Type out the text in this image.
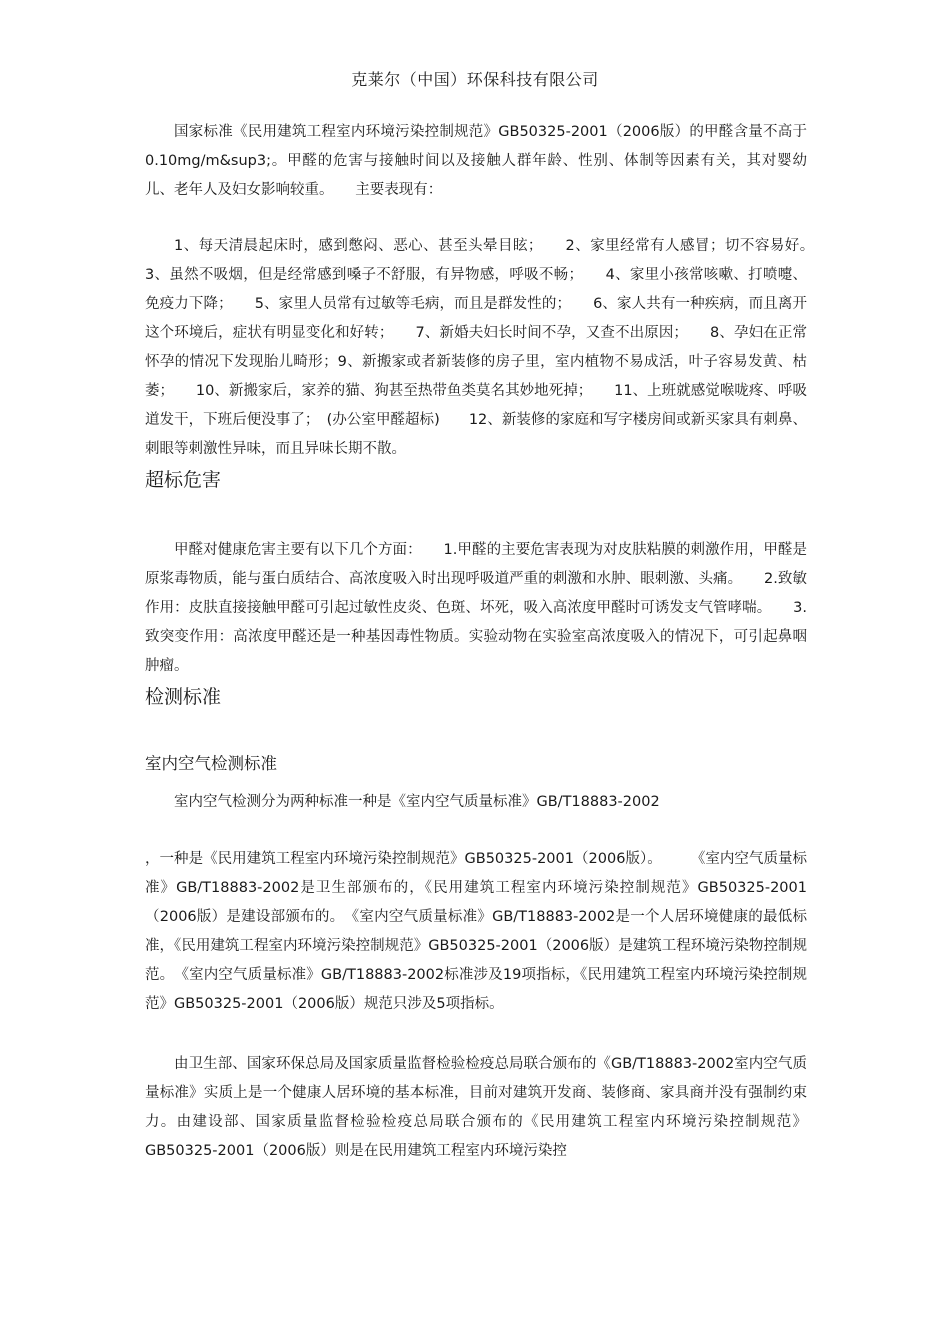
克莱尔（中国）环保科技有限公司

国家标准《民用建筑工程室内环境污染控制规范》GB50325-2001（2006版）的甲醛含量不高于0.10mg/m&sup3;。甲醛的危害与接触时间以及接触人群年龄、性别、体制等因素有关，其对婴幼儿、老年人及妇女影响较重。　　主要表现有：

1、每天清晨起床时，感到憋闷、恶心、甚至头晕目眩；　　2、家里经常有人感冒；切不容易好。　　3、虽然不吸烟，但是经常感到嗓子不舒服，有异物感，呼吸不畅；　　4、家里小孩常咳嗽、打喷嚏、免疫力下降；　　5、家里人员常有过敏等毛病，而且是群发性的；　　6、家人共有一种疾病，而且离开这个环境后，症状有明显变化和好转；　　7、新婚夫妇长时间不孕，又查不出原因；　　8、孕妇在正常怀孕的情况下发现胎儿畸形；9、新搬家或者新装修的房子里，室内植物不易成活，叶子容易发黄、枯萎；　　10、新搬家后，家养的猫、狗甚至热带鱼类莫名其妙地死掉；　　11、上班就感觉喉咙疼、呼吸道发干，下班后便没事了；　(办公室甲醛超标)　　12、新装修的家庭和写字楼房间或新买家具有刺鼻、刺眼等刺激性异味，而且异味长期不散。

超标危害

甲醛对健康危害主要有以下几个方面：　　1.甲醛的主要危害表现为对皮肤粘膜的刺激作用，甲醛是原浆毒物质，能与蛋白质结合、高浓度吸入时出现呼吸道严重的刺激和水肿、眼刺激、头痛。　　2.致敏作用：皮肤直接接触甲醛可引起过敏性皮炎、色斑、坏死，吸入高浓度甲醛时可诱发支气管哮喘。　　3.致突变作用：高浓度甲醛还是一种基因毒性物质。实验动物在实验室高浓度吸入的情况下，可引起鼻咽肿瘤。

检测标准
室内空气检测标准

室内空气检测分为两种标准一种是《室内空气质量标准》GB/T18883-2002

，一种是《民用建筑工程室内环境污染控制规范》GB50325-2001（2006版）。　　　《室内空气质量标准》GB/T18883-2002是卫生部颁布的，《民用建筑工程室内环境污染控制规范》GB50325-2001（2006版）是建设部颁布的。　《室内空气质量标准》GB/T18883-2002是一个人居环境健康的最低标准，《民用建筑工程室内环境污染控制规范》GB50325-2001（2006版）是建筑工程环境污染物控制规范。　《室内空气质量标准》GB/T18883-2002标准涉及19项指标，《民用建筑工程室内环境污染控制规范》GB50325-2001（2006版）规范只涉及5项指标。

由卫生部、国家环保总局及国家质量监督检验检疫总局联合颁布的《GB/T18883-2002室内空气质量标准》实质上是一个健康人居环境的基本标准，目前对建筑开发商、装修商、家具商并没有强制约束力。由建设部、国家质量监督检验检疫总局联合颁布的《民用建筑工程室内环境污染控制规范》GB50325-2001（2006版）则是在民用建筑工程室内环境污染控
